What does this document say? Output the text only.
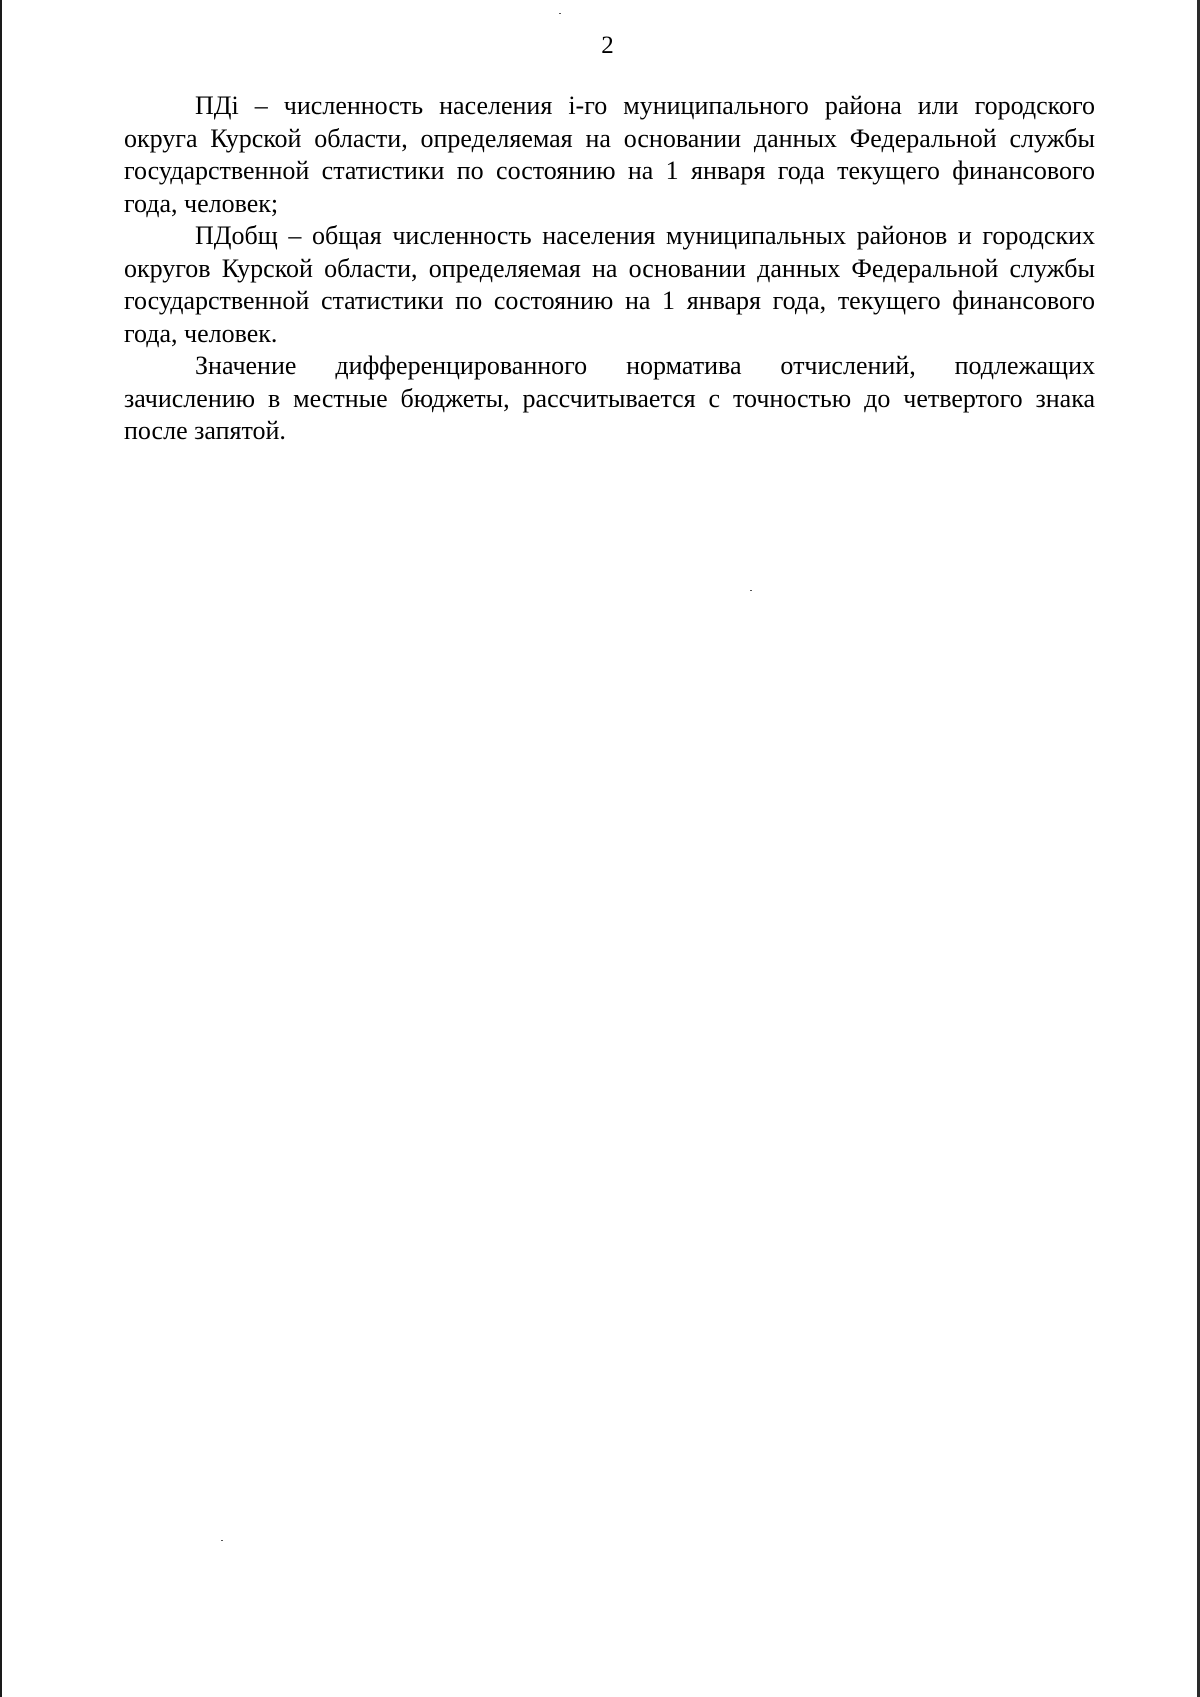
2

ПДi – численность населения i-го муниципального района или городского округа Курской области, определяемая на основании данных Федеральной службы государственной статистики по состоянию на 1 января года текущего финансового года, человек;

ПДобщ – общая численность населения муниципальных районов и городских округов Курской области, определяемая на основании данных Федеральной службы государственной статистики по состоянию на 1 января года, текущего финансового года, человек.

Значение дифференцированного норматива отчислений, подлежащих зачислению в местные бюджеты, рассчитывается с точностью до четвертого знака после запятой.
